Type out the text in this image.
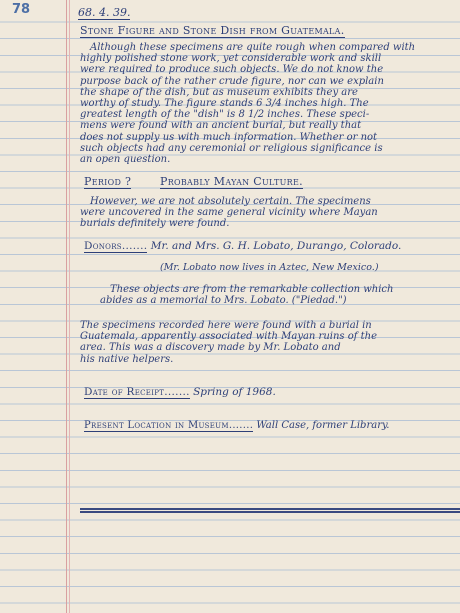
78	68. 4. 39.
Stone Figure and Stone Dish from Guatemala.
Although these specimens are quite rough when compared with
highly polished stone work, yet considerable work and skill
were required to produce such objects. We do not know the
purpose back of the rather crude figure, nor can we explain
the shape of the dish, but as museum exhibits they are
worthy of study. The figure stands 6 3/4 inches high. The
greatest length of the "dish" is 8 1/2 inches. These speci-
mens were found with an ancient burial, but really that
does not supply us with much information. Whether or not
such objects had any ceremonial or religious significance is
an open question.
Period ?	Probably Mayan Culture.
However, we are not absolutely certain. The specimens
were uncovered in the same general vicinity where Mayan
burials definitely were found.
Donors....... Mr. and Mrs. G. H. Lobato, Durango, Colorado.
(Mr. Lobato now lives in Aztec, New Mexico.)
These objects are from the remarkable collection which
abides as a memorial to Mrs. Lobato. ("Piedad.")
The specimens recorded here were found with a burial in
Guatemala, apparently associated with Mayan ruins of the
area. This was a discovery made by Mr. Lobato and
his native helpers.
Date of Receipt....... Spring of 1968.
Present Location in Museum....... Wall Case, former Library.
